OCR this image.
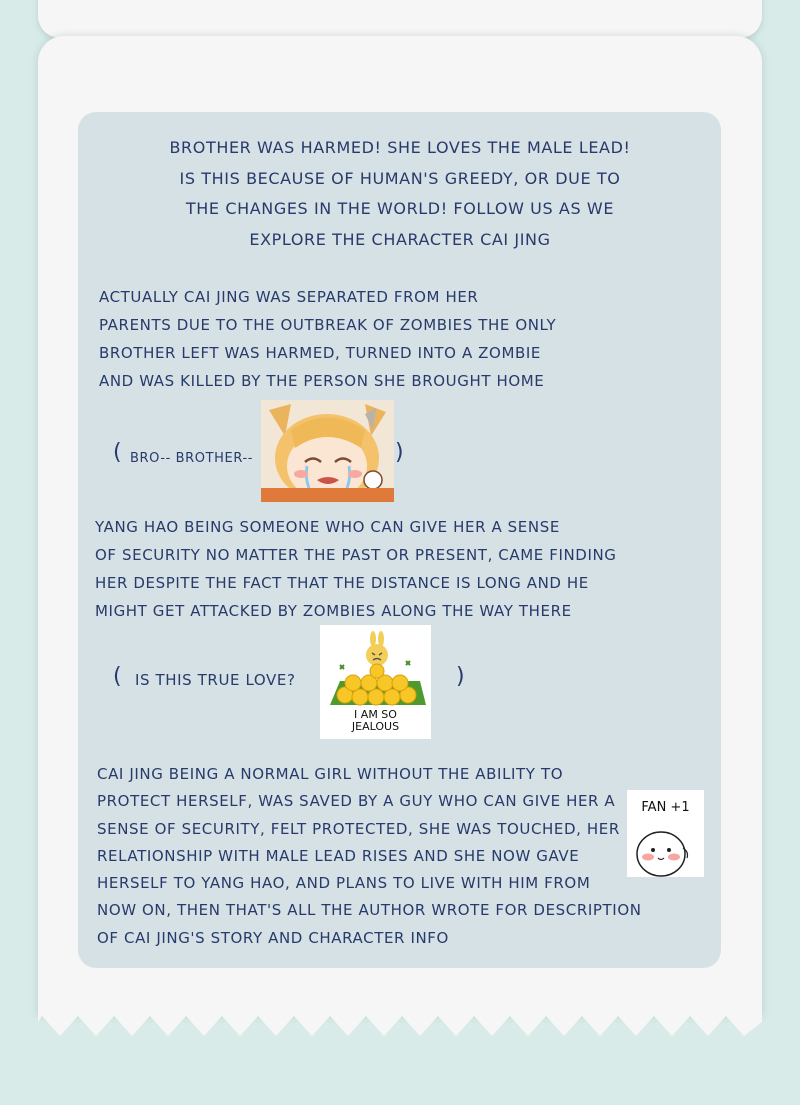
BROTHER WAS HARMED! SHE LOVES THE MALE LEAD!
IS THIS BECAUSE OF HUMAN'S GREEDY, OR DUE TO
THE CHANGES IN THE WORLD! FOLLOW US AS WE
EXPLORE THE CHARACTER CAI JING
ACTUALLY CAI JING WAS SEPARATED FROM HER
PARENTS DUE TO THE OUTBREAK OF ZOMBIES THE ONLY
BROTHER LEFT WAS HARMED, TURNED INTO A ZOMBIE
AND WAS KILLED BY THE PERSON SHE BROUGHT HOME
( BRO-- BROTHER--	)
YANG HAO BEING SOMEONE WHO CAN GIVE HER A SENSE
OF SECURITY NO MATTER THE PAST OR PRESENT, CAME FINDING
HER DESPITE THE FACT THAT THE DISTANCE IS LONG AND HE
MIGHT GET ATTACKED BY ZOMBIES ALONG THE WAY THERE
( IS THIS TRUE LOVE?	)
I AM SO
JEALOUS
CAI JING BEING A NORMAL GIRL WITHOUT THE ABILITY TO
PROTECT HERSELF, WAS SAVED BY A GUY WHO CAN GIVE HER A
SENSE OF SECURITY, FELT PROTECTED, SHE WAS TOUCHED, HER
RELATIONSHIP WITH MALE LEAD RISES AND SHE NOW GAVE
HERSELF TO YANG HAO, AND PLANS TO LIVE WITH HIM FROM
NOW ON, THEN THAT'S ALL THE AUTHOR WROTE FOR DESCRIPTION
OF CAI JING'S STORY AND CHARACTER INFO
FAN +1
